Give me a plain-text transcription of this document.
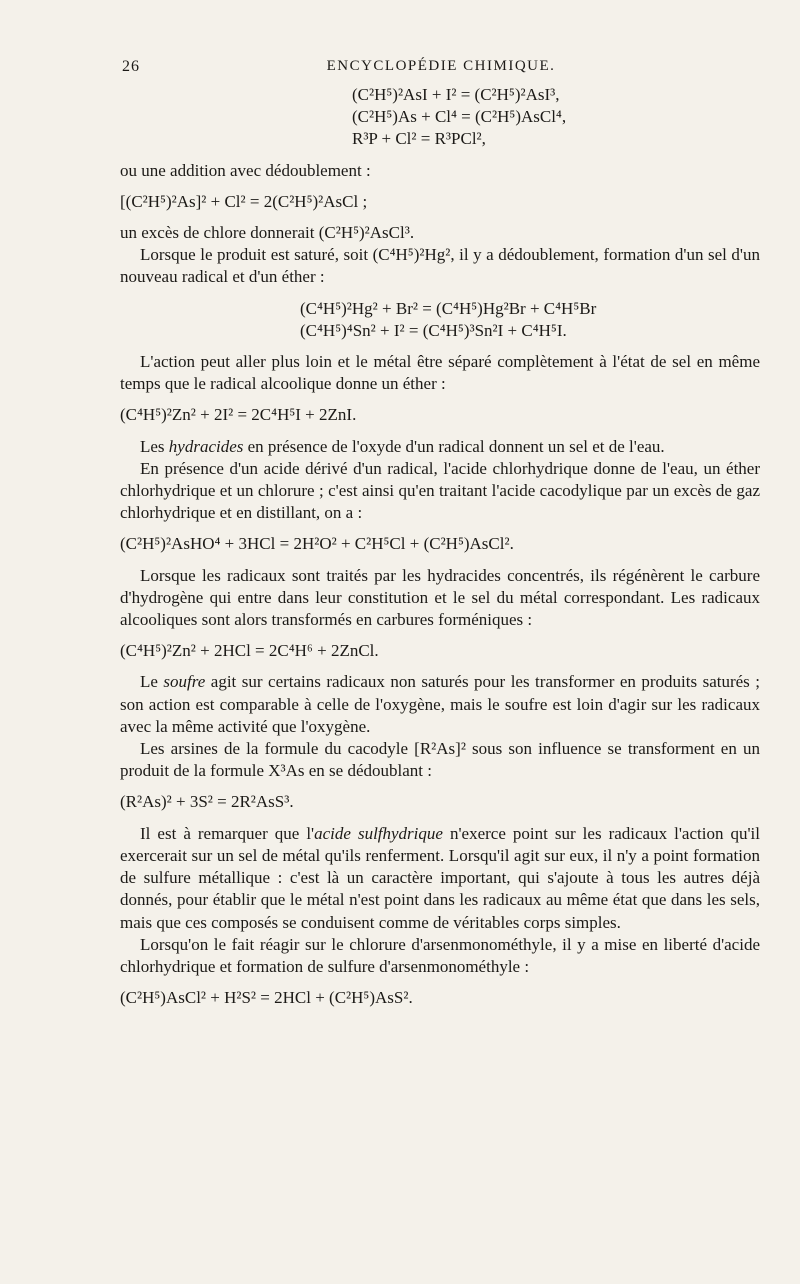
26	ENCYCLOPÉDIE CHIMIQUE.
(C²H⁵)²AsI + I² = (C²H⁵)²AsI³,
(C²H⁵)As + Cl⁴ = (C²H⁵)AsCl⁴,
R³P + Cl² = R³PCl²,

ou une addition avec dédoublement :

[(C²H⁵)²As]² + Cl² = 2(C²H⁵)²AsCl ;

un excès de chlore donnerait (C²H⁵)²AsCl³.

Lorsque le produit est saturé, soit (C⁴H⁵)²Hg², il y a dédoublement, formation d'un sel d'un nouveau radical et d'un éther :

(C⁴H⁵)²Hg² + Br² = (C⁴H⁵)Hg²Br + C⁴H⁵Br
(C⁴H⁵)⁴Sn² + I² = (C⁴H⁵)³Sn²I + C⁴H⁵I.

L'action peut aller plus loin et le métal être séparé complètement à l'état de sel en même temps que le radical alcoolique donne un éther :

(C⁴H⁵)²Zn² + 2I² = 2C⁴H⁵I + 2ZnI.

Les hydracides en présence de l'oxyde d'un radical donnent un sel et de l'eau.

En présence d'un acide dérivé d'un radical, l'acide chlorhydrique donne de l'eau, un éther chlorhydrique et un chlorure ; c'est ainsi qu'en traitant l'acide cacodylique par un excès de gaz chlorhydrique et en distillant, on a :

(C²H⁵)²AsHO⁴ + 3HCl = 2H²O² + C²H⁵Cl + (C²H⁵)AsCl².

Lorsque les radicaux sont traités par les hydracides concentrés, ils régénèrent le carbure d'hydrogène qui entre dans leur constitution et le sel du métal correspondant. Les radicaux alcooliques sont alors transformés en carbures forméniques :

(C⁴H⁵)²Zn² + 2HCl = 2C⁴H⁶ + 2ZnCl.

Le soufre agit sur certains radicaux non saturés pour les transformer en produits saturés ; son action est comparable à celle de l'oxygène, mais le soufre est loin d'agir sur les radicaux avec la même activité que l'oxygène.

Les arsines de la formule du cacodyle [R²As]² sous son influence se transforment en un produit de la formule X³As en se dédoublant :

(R²As)² + 3S² = 2R²AsS³.

Il est à remarquer que l'acide sulfhydrique n'exerce point sur les radicaux l'action qu'il exercerait sur un sel de métal qu'ils renferment. Lorsqu'il agit sur eux, il n'y a point formation de sulfure métallique : c'est là un caractère important, qui s'ajoute à tous les autres déjà donnés, pour établir que le métal n'est point dans les radicaux au même état que dans les sels, mais que ces composés se conduisent comme de véritables corps simples.

Lorsqu'on le fait réagir sur le chlorure d'arsenmonométhyle, il y a mise en liberté d'acide chlorhydrique et formation de sulfure d'arsenmonométhyle :

(C²H⁵)AsCl² + H²S² = 2HCl + (C²H⁵)AsS².
